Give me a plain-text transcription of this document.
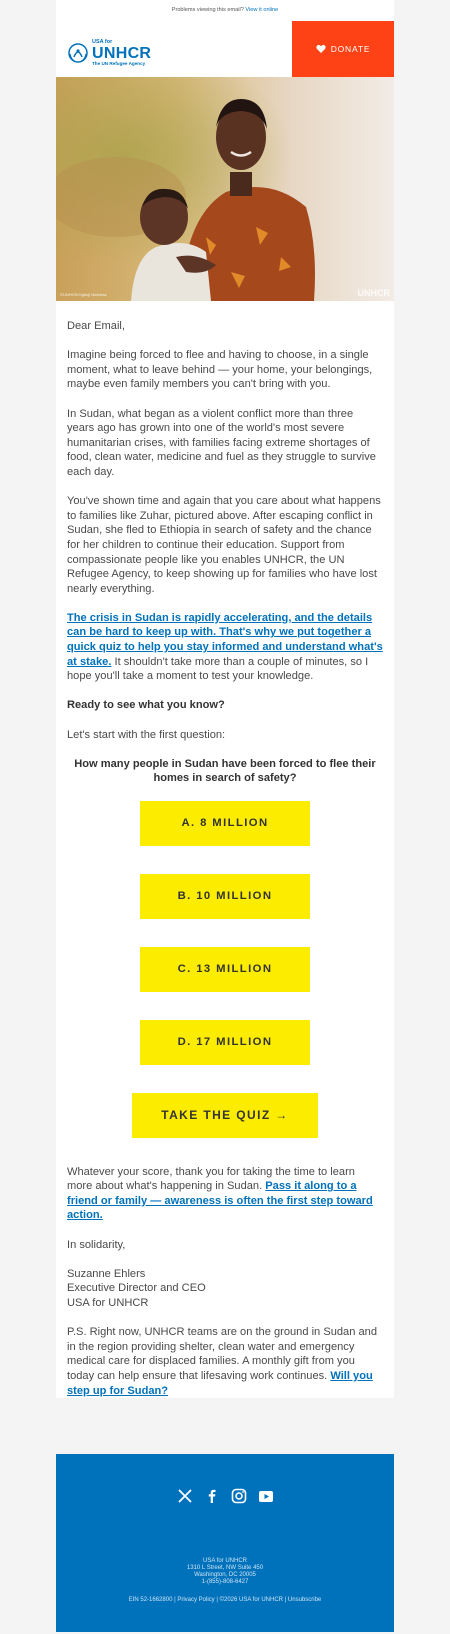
Problems viewing this email? View it online
USA for
UNHCR
The UN Refugee Agency
DONATE
©UNHCR/Ogbuji Nicholas	UNHCR

Dear Email,

Imagine being forced to flee and having to choose, in a single moment, what to leave behind — your home, your belongings, maybe even family members you can't bring with you.

In Sudan, what began as a violent conflict more than three years ago has grown into one of the world's most severe humanitarian crises, with families facing extreme shortages of food, clean water, medicine and fuel as they struggle to survive each day.

You've shown time and again that you care about what happens to families like Zuhar, pictured above. After escaping conflict in Sudan, she fled to Ethiopia in search of safety and the chance for her children to continue their education. Support from compassionate people like you enables UNHCR, the UN Refugee Agency, to keep showing up for families who have lost nearly everything.

The crisis in Sudan is rapidly accelerating, and the details can be hard to keep up with. That's why we put together a quick quiz to help you stay informed and understand what's at stake. It shouldn't take more than a couple of minutes, so I hope you'll take a moment to test your knowledge.

Ready to see what you know?

Let's start with the first question:

How many people in Sudan have been forced to flee their homes in search of safety?

A. 8 MILLION
B. 10 MILLION
C. 13 MILLION
D. 17 MILLION
TAKE THE QUIZ →

Whatever your score, thank you for taking the time to learn more about what's happening in Sudan. Pass it along to a friend or family — awareness is often the first step toward action.

In solidarity,

Suzanne Ehlers
Executive Director and CEO
USA for UNHCR

P.S. Right now, UNHCR teams are on the ground in Sudan and in the region providing shelter, clean water and emergency medical care for displaced families. A monthly gift from you today can help ensure that lifesaving work continues. Will you step up for Sudan?

USA for UNHCR
1310 L Street, NW Suite 450
Washington, DC 20005
1-(855)-808-6427
EIN 52-1662800 | Privacy Policy | ©2026 USA for UNHCR | Unsubscribe
